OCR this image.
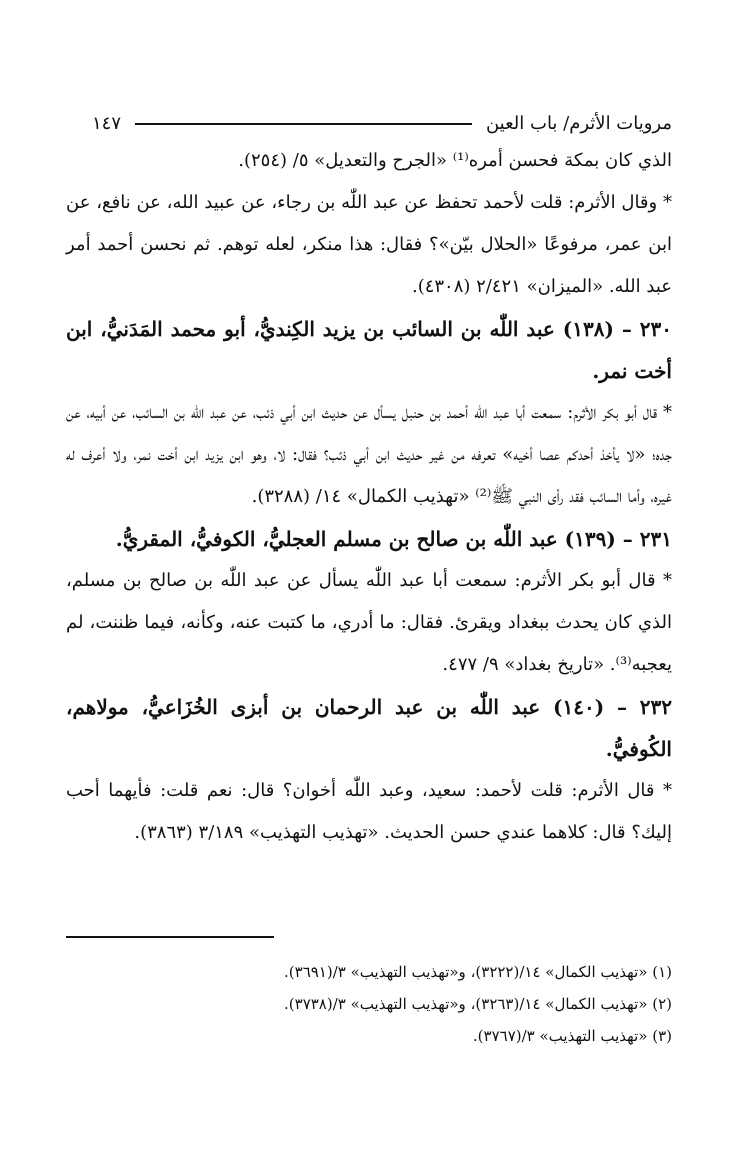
مرويات الأثرم/ باب العين
١٤٧

الذي كان بمكة فحسن أمره⁽¹⁾ «الجرح والتعديل» ٥/ (٢٥٤).

* وقال الأثرم: قلت لأحمد تحفظ عن عبد اللّٰه بن رجاء، عن عبيد الله، عن نافع، عن ابن عمر، مرفوعًا «الحلال بيّن»؟ فقال: هذا منكر، لعله توهم. ثم نحسن أحمد أمر عبد الله. «الميزان» ٢/٤٢١ (٤٣٠٨).

٢٣٠ – (١٣٨) عبد اللّٰه بن السائب بن يزيد الكِنديُّ، أبو محمد المَدَنيُّ، ابن أخت نمر.

* قال أبو بكر الأثرم: سمعت أبا عبد اللّٰه أحمد بن حنبل يسأل عن حديث ابن أبي ذئب، عن عبد اللّٰه بن السائب، عن أبيه، عن جده؛ «لا يأخذ أحدكم عصا أخيه» تعرفه من غير حديث ابن أبي ذئب؟ فقال: لا، وهو ابن يزيد ابن أخت نمر، ولا أعرف له غيره، وأما السائب فقد رأى النبي ﷺ⁽²⁾ «تهذيب الكمال» ١٤/ (٣٢٨٨).

٢٣١ – (١٣٩) عبد اللّٰه بن صالح بن مسلم العجليُّ، الكوفيُّ، المقريُّ.

* قال أبو بكر الأثرم: سمعت أبا عبد اللّٰه يسأل عن عبد اللّٰه بن صالح بن مسلم، الذي كان يحدث ببغداد ويقرئ. فقال: ما أدري، ما كتبت عنه، وكأنه، فيما ظننت، لم يعجبه⁽³⁾. «تاريخ بغداد» ٩/ ٤٧٧.

٢٣٢ – (١٤٠) عبد اللّٰه بن عبد الرحمان بن أبزى الخُزَاعيُّ، مولاهم، الكُوفيُّ.

* قال الأثرم: قلت لأحمد: سعيد، وعبد اللّٰه أخوان؟ قال: نعم قلت: فأيهما أحب إليك؟ قال: كلاهما عندي حسن الحديث. «تهذيب التهذيب» ٣/١٨٩ (٣٨٦٣).

(١) «تهذيب الكمال» ١٤/(٣٢٢٢)، و«تهذيب التهذيب» ٣/(٣٦٩١).

(٢) «تهذيب الكمال» ١٤/(٣٢٦٣)، و«تهذيب التهذيب» ٣/(٣٧٣٨).

(٣) «تهذيب التهذيب» ٣/(٣٧٦٧).
